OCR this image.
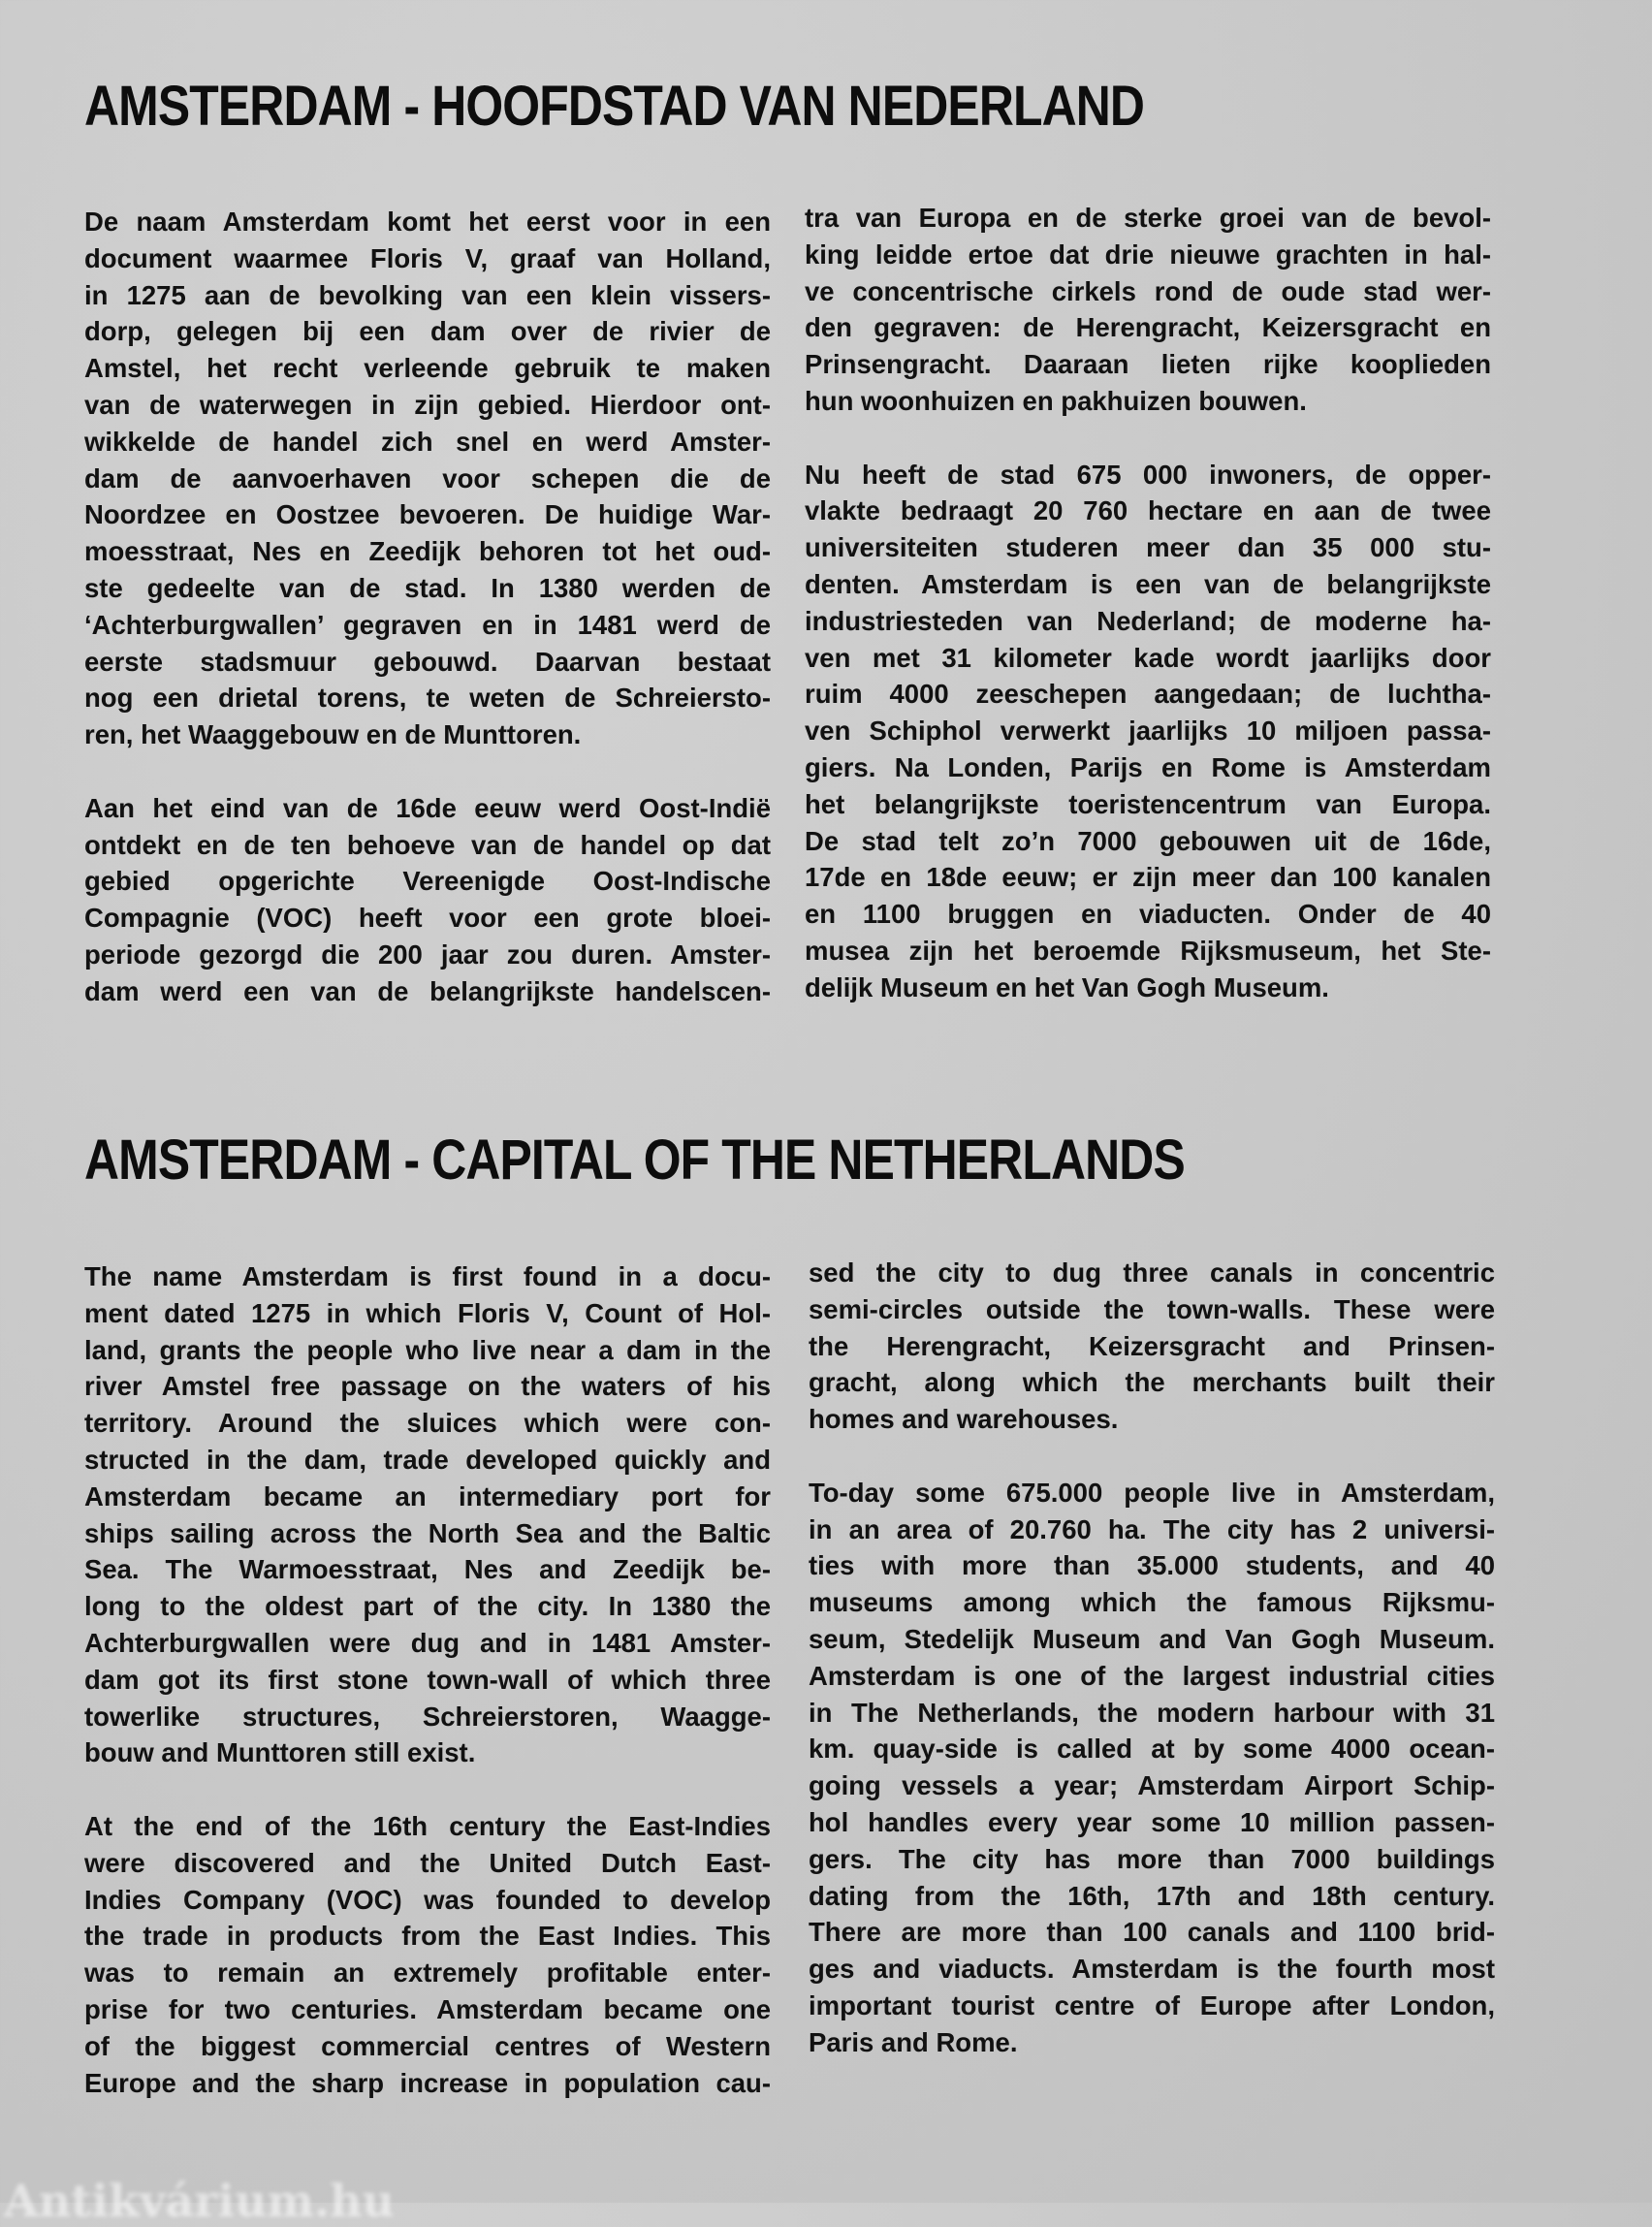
AMSTERDAM - HOOFDSTAD VAN NEDERLAND

De naam Amsterdam komt het eerst voor in een
document waarmee Floris V, graaf van Holland,
in 1275 aan de bevolking van een klein vissers-
dorp, gelegen bij een dam over de rivier de
Amstel, het recht verleende gebruik te maken
van de waterwegen in zijn gebied. Hierdoor ont-
wikkelde de handel zich snel en werd Amster-
dam de aanvoerhaven voor schepen die de
Noordzee en Oostzee bevoeren. De huidige War-
moesstraat, Nes en Zeedijk behoren tot het oud-
ste gedeelte van de stad. In 1380 werden de
‘Achterburgwallen’ gegraven en in 1481 werd de
eerste stadsmuur gebouwd. Daarvan bestaat
nog een drietal torens, te weten de Schreiersto-
ren, het Waaggebouw en de Munttoren.

Aan het eind van de 16de eeuw werd Oost-Indië
ontdekt en de ten behoeve van de handel op dat
gebied opgerichte Vereenigde Oost-Indische
Compagnie (VOC) heeft voor een grote bloei-
periode gezorgd die 200 jaar zou duren. Amster-
dam werd een van de belangrijkste handelscen-

tra van Europa en de sterke groei van de bevol-
king leidde ertoe dat drie nieuwe grachten in hal-
ve concentrische cirkels rond de oude stad wer-
den gegraven: de Herengracht, Keizersgracht en
Prinsengracht. Daaraan lieten rijke kooplieden
hun woonhuizen en pakhuizen bouwen.

Nu heeft de stad 675 000 inwoners, de opper-
vlakte bedraagt 20 760 hectare en aan de twee
universiteiten studeren meer dan 35 000 stu-
denten. Amsterdam is een van de belangrijkste
industriesteden van Nederland; de moderne ha-
ven met 31 kilometer kade wordt jaarlijks door
ruim 4000 zeeschepen aangedaan; de luchtha-
ven Schiphol verwerkt jaarlijks 10 miljoen passa-
giers. Na Londen, Parijs en Rome is Amsterdam
het belangrijkste toeristencentrum van Europa.
De stad telt zo’n 7000 gebouwen uit de 16de,
17de en 18de eeuw; er zijn meer dan 100 kanalen
en 1100 bruggen en viaducten. Onder de 40
musea zijn het beroemde Rijksmuseum, het Ste-
delijk Museum en het Van Gogh Museum.

AMSTERDAM - CAPITAL OF THE NETHERLANDS

The name Amsterdam is first found in a docu-
ment dated 1275 in which Floris V, Count of Hol-
land, grants the people who live near a dam in the
river Amstel free passage on the waters of his
territory. Around the sluices which were con-
structed in the dam, trade developed quickly and
Amsterdam became an intermediary port for
ships sailing across the North Sea and the Baltic
Sea. The Warmoesstraat, Nes and Zeedijk be-
long to the oldest part of the city. In 1380 the
Achterburgwallen were dug and in 1481 Amster-
dam got its first stone town-wall of which three
towerlike structures, Schreierstoren, Waagge-
bouw and Munttoren still exist.

At the end of the 16th century the East-Indies
were discovered and the United Dutch East-
Indies Company (VOC) was founded to develop
the trade in products from the East Indies. This
was to remain an extremely profitable enter-
prise for two centuries. Amsterdam became one
of the biggest commercial centres of Western
Europe and the sharp increase in population cau-

sed the city to dug three canals in concentric
semi-circles outside the town-walls. These were
the Herengracht, Keizersgracht and Prinsen-
gracht, along which the merchants built their
homes and warehouses.

To-day some 675.000 people live in Amsterdam,
in an area of 20.760 ha. The city has 2 universi-
ties with more than 35.000 students, and 40
museums among which the famous Rijksmu-
seum, Stedelijk Museum and Van Gogh Museum.
Amsterdam is one of the largest industrial cities
in The Netherlands, the modern harbour with 31
km. quay-side is called at by some 4000 ocean-
going vessels a year; Amsterdam Airport Schip-
hol handles every year some 10 million passen-
gers. The city has more than 7000 buildings
dating from the 16th, 17th and 18th century.
There are more than 100 canals and 1100 brid-
ges and viaducts. Amsterdam is the fourth most
important tourist centre of Europe after London,
Paris and Rome.

Antikvárium.hu
